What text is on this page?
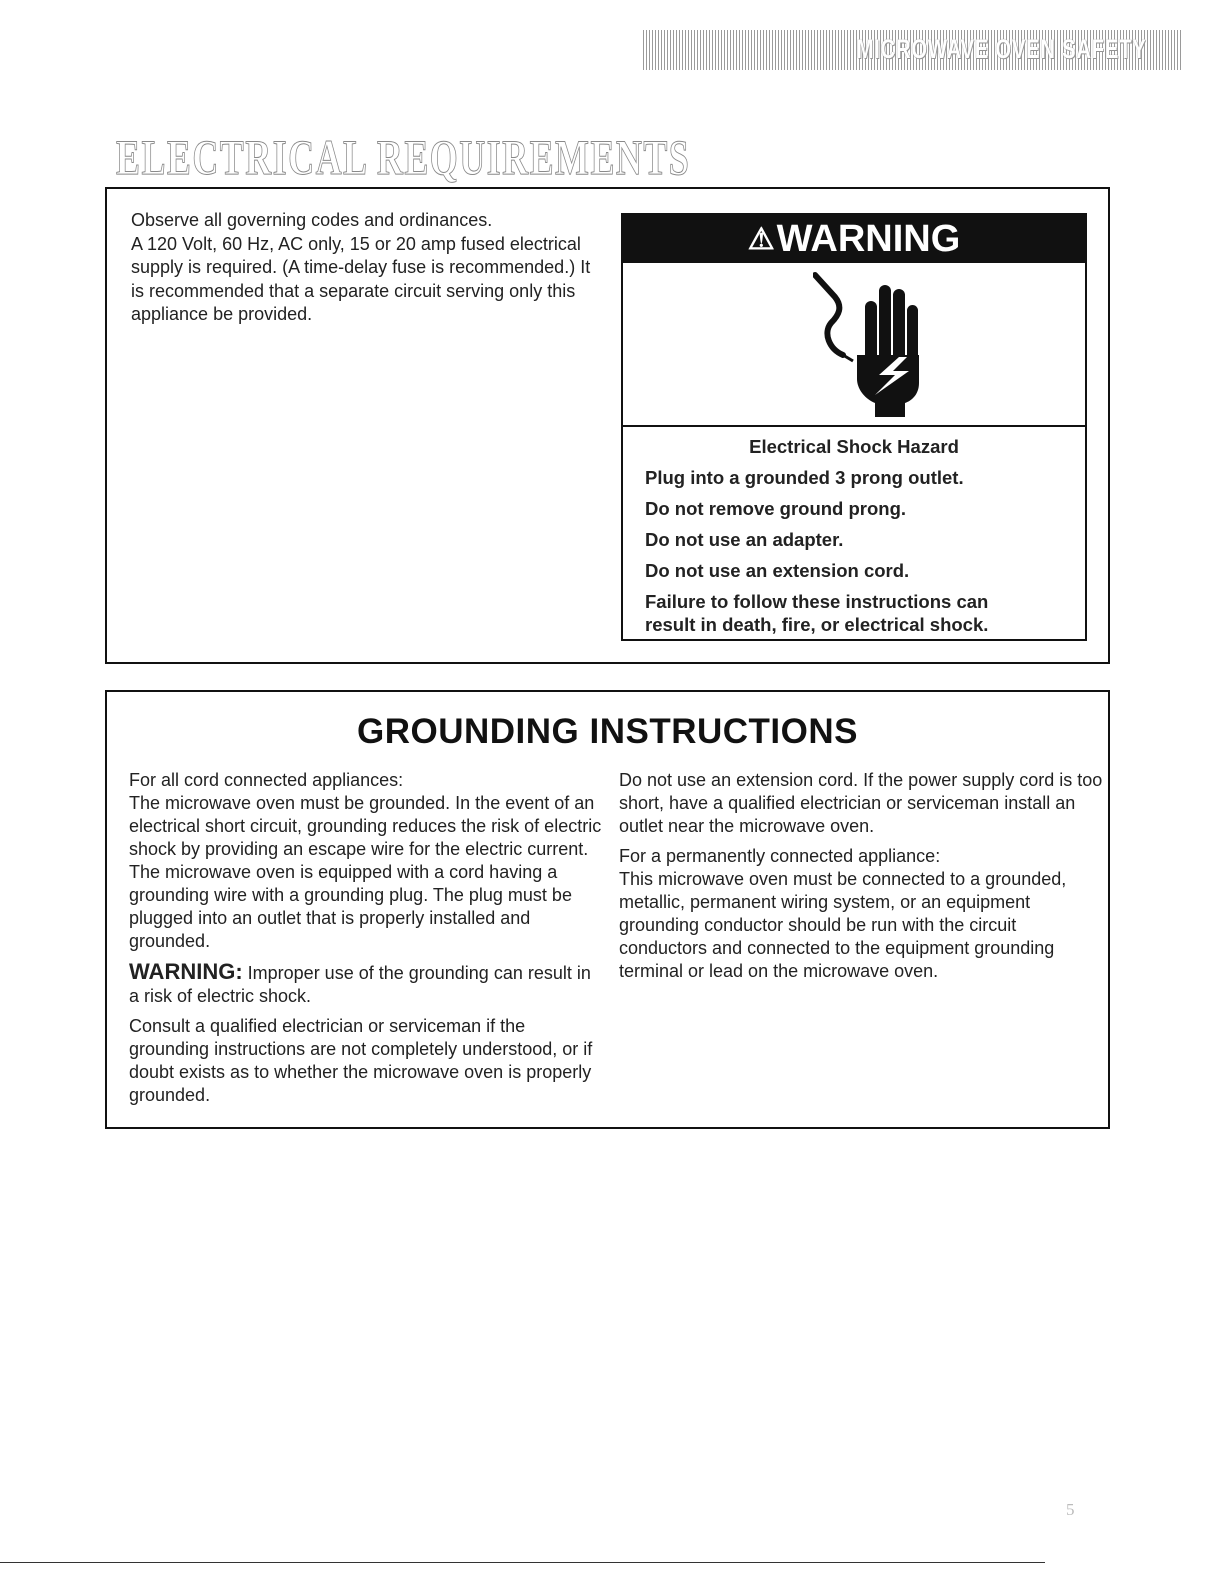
MICROWAVE OVEN SAFETY
ELECTRICAL REQUIREMENTS

Observe all governing codes and ordinances.

A 120 Volt, 60 Hz, AC only, 15 or 20 amp fused electrical supply is required. (A time-delay fuse is recommended.) It is recommended that a separate circuit serving only this appliance be provided.

⚠ WARNING

Electrical Shock Hazard

Plug into a grounded 3 prong outlet.

Do not remove ground prong.

Do not use an adapter.

Do not use an extension cord.

Failure to follow these instructions can result in death, fire, or electrical shock.

GROUNDING INSTRUCTIONS

For all cord connected appliances:

The microwave oven must be grounded. In the event of an electrical short circuit, grounding reduces the risk of electric shock by providing an escape wire for the electric current. The microwave oven is equipped with a cord having a grounding wire with a grounding plug. The plug must be plugged into an outlet that is properly installed and grounded.

WARNING: Improper use of the grounding can result in a risk of electric shock.

Consult a qualified electrician or serviceman if the grounding instructions are not completely understood, or if doubt exists as to whether the microwave oven is properly grounded.

Do not use an extension cord. If the power supply cord is too short, have a qualified electrician or serviceman install an outlet near the microwave oven.

For a permanently connected appliance:

This microwave oven must be connected to a grounded, metallic, permanent wiring system, or an equipment grounding conductor should be run with the circuit conductors and connected to the equipment grounding terminal or lead on the microwave oven.

5
